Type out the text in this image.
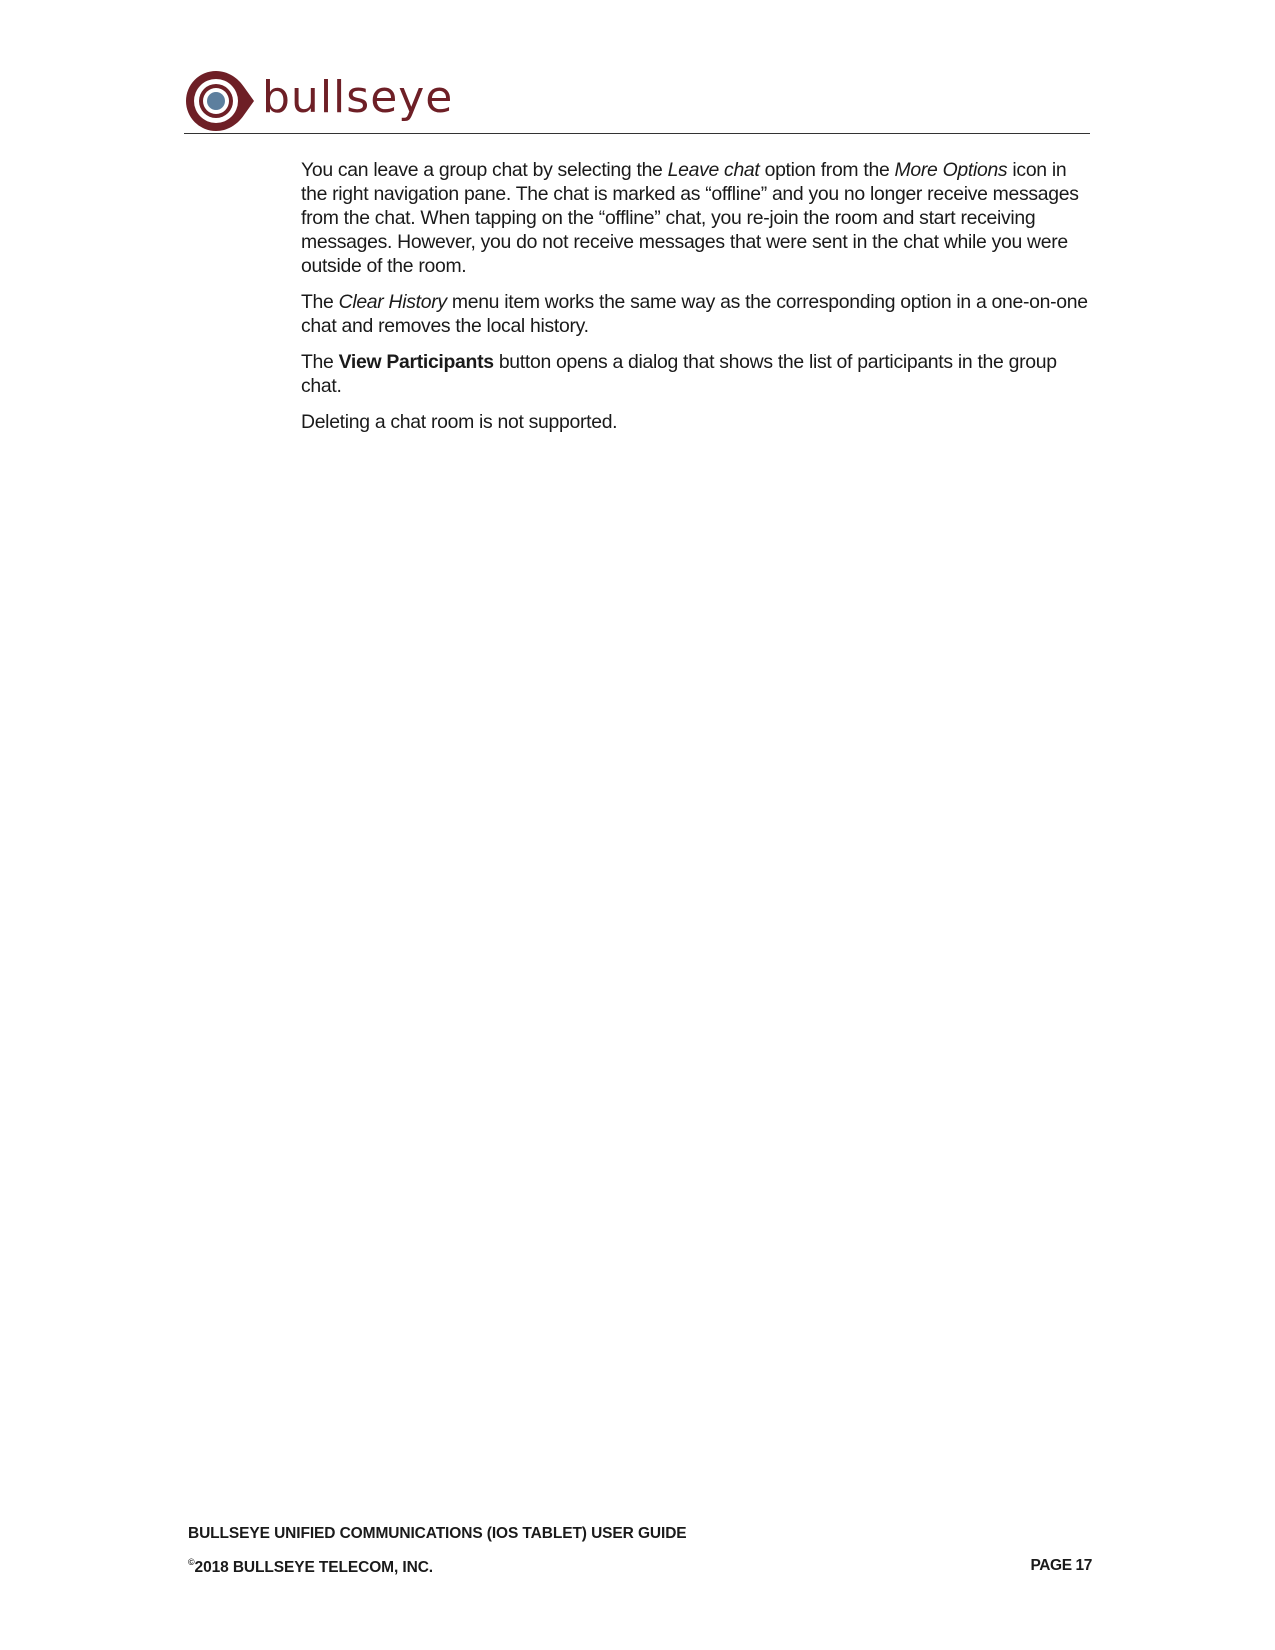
bullseye

You can leave a group chat by selecting the Leave chat option from the More Options icon in the right navigation pane. The chat is marked as “offline” and you no longer receive messages from the chat. When tapping on the “offline” chat, you re-join the room and start receiving messages. However, you do not receive messages that were sent in the chat while you were outside of the room.

The Clear History menu item works the same way as the corresponding option in a one-on-one chat and removes the local history.

The View Participants button opens a dialog that shows the list of participants in the group chat.

Deleting a chat room is not supported.

BULLSEYE UNIFIED COMMUNICATIONS (IOS TABLET) USER GUIDE
©2018 BULLSEYE TELECOM, INC.	PAGE 17
